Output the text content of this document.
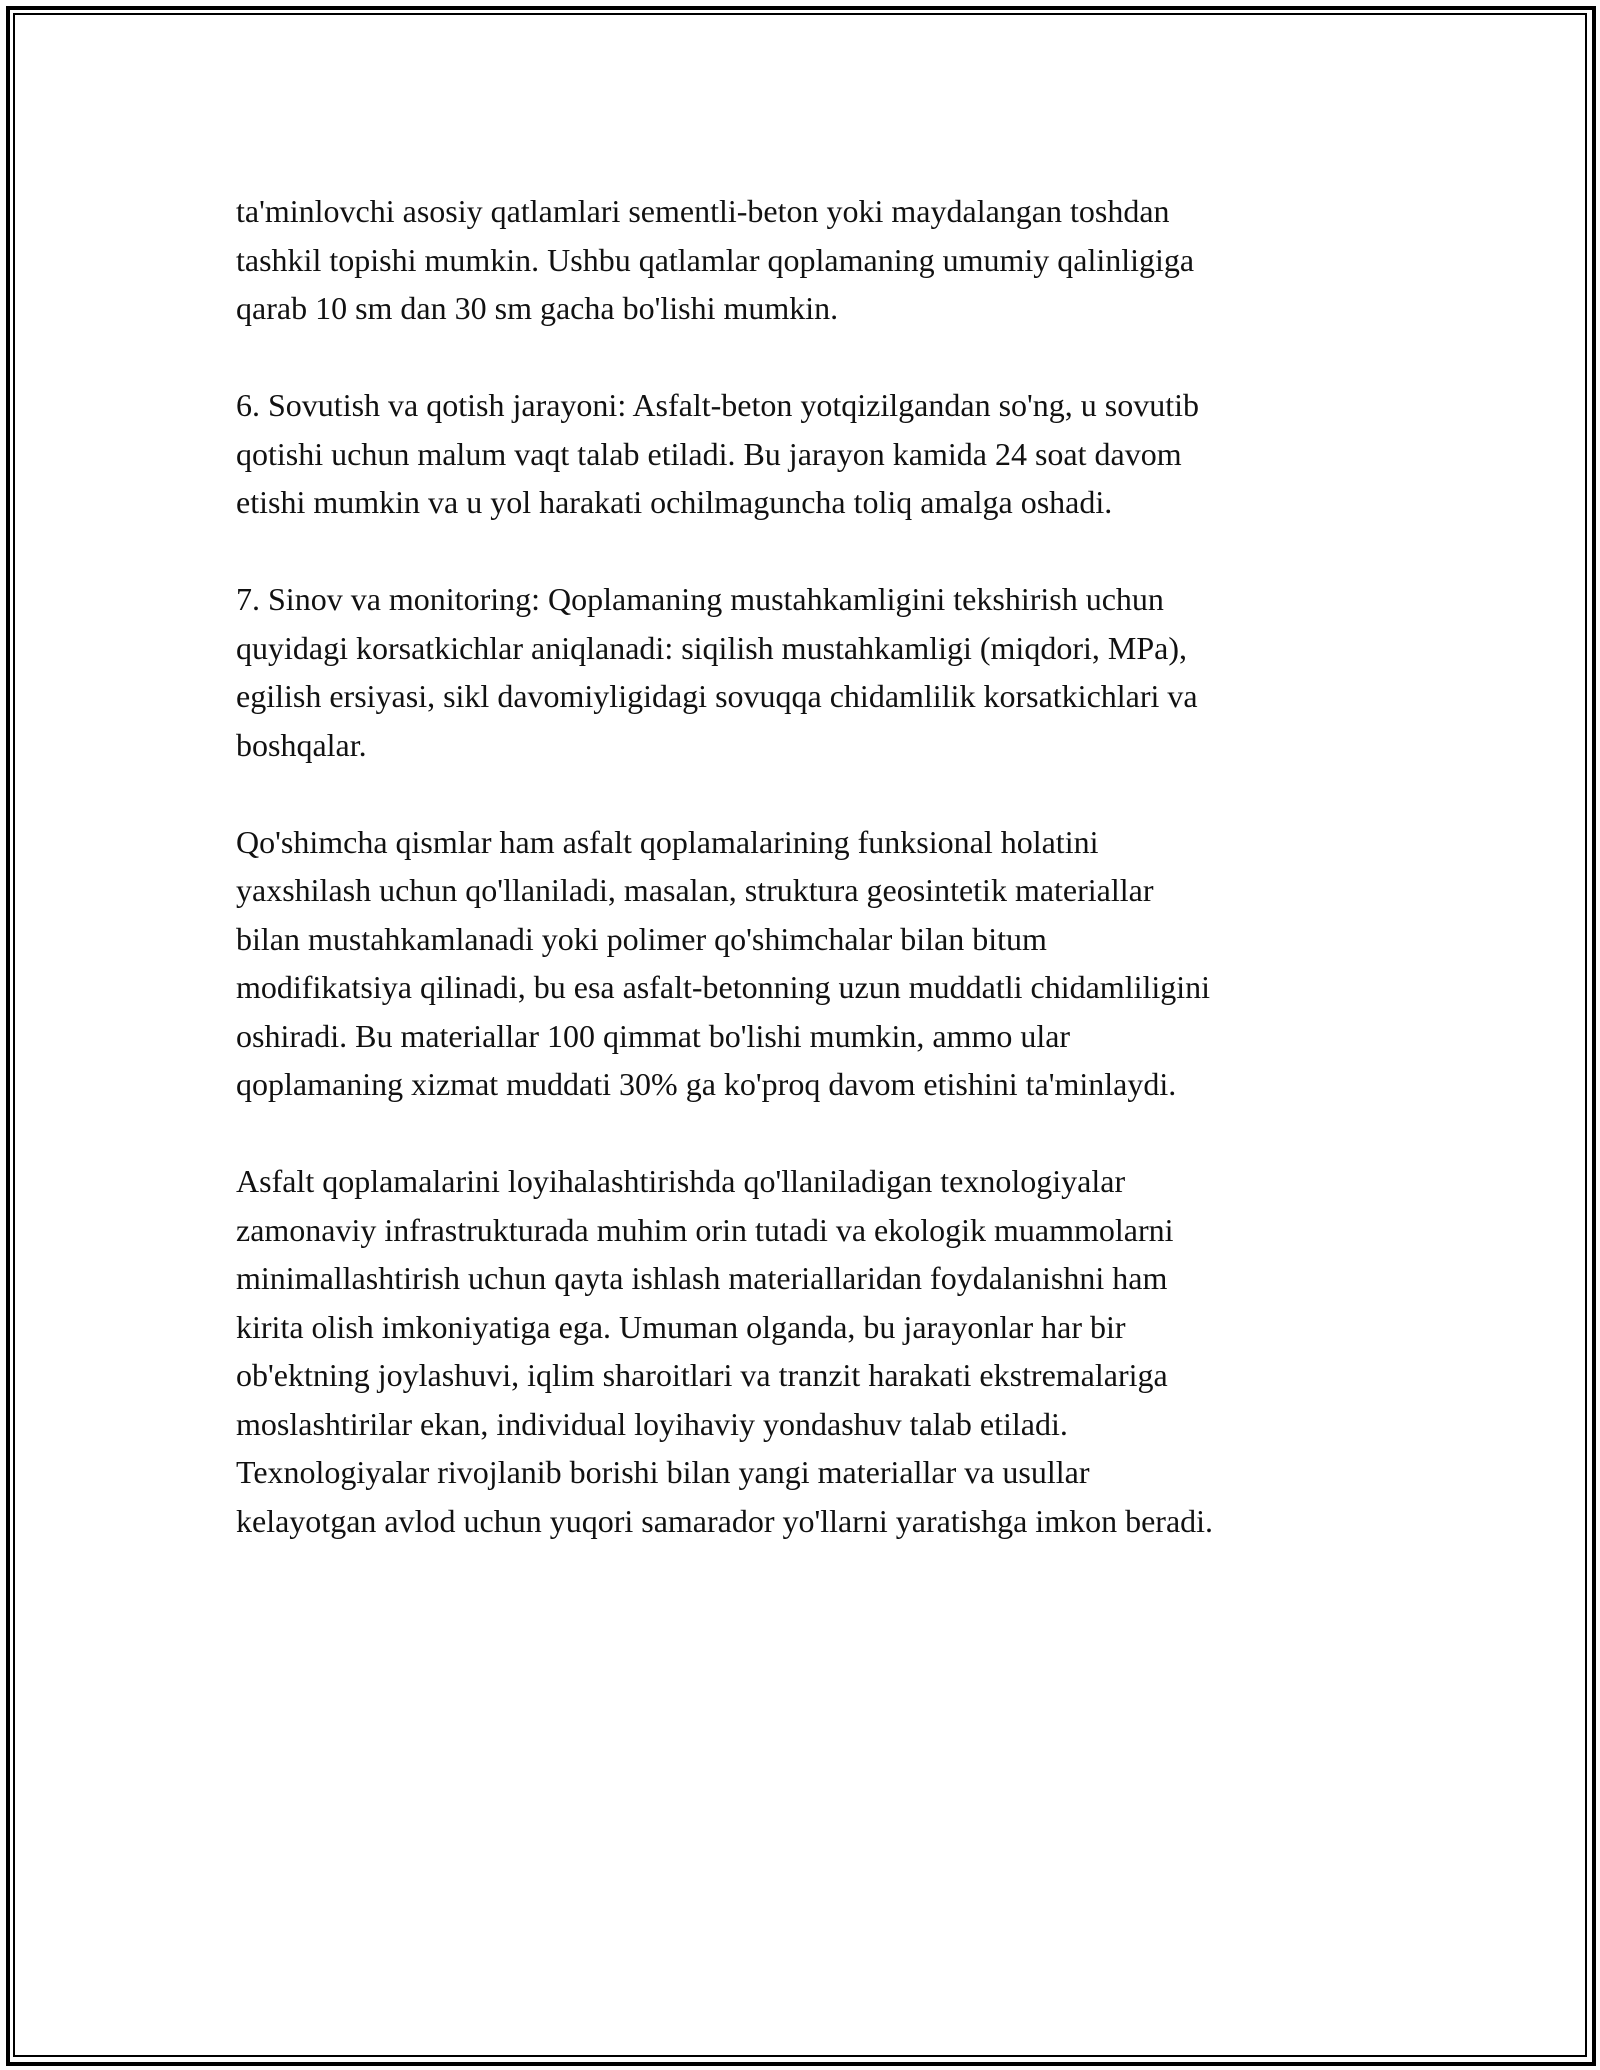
ta'minlovchi asosiy qatlamlari sementli-beton yoki maydalangan toshdan
tashkil topishi mumkin. Ushbu qatlamlar qoplamaning umumiy qalinligiga
qarab 10 sm dan 30 sm gacha bo'lishi mumkin.

6. Sovutish va qotish jarayoni: Asfalt-beton yotqizilgandan so'ng, u sovutib
qotishi uchun malum vaqt talab etiladi. Bu jarayon kamida 24 soat davom
etishi mumkin va u yol harakati ochilmaguncha toliq amalga oshadi.

7. Sinov va monitoring: Qoplamaning mustahkamligini tekshirish uchun
quyidagi korsatkichlar aniqlanadi: siqilish mustahkamligi (miqdori, MPa),
egilish ersiyasi, sikl davomiyligidagi sovuqqa chidamlilik korsatkichlari va
boshqalar.

Qo'shimcha qismlar ham asfalt qoplamalarining funksional holatini
yaxshilash uchun qo'llaniladi, masalan, struktura geosintetik materiallar
bilan mustahkamlanadi yoki polimer qo'shimchalar bilan bitum
modifikatsiya qilinadi, bu esa asfalt-betonning uzun muddatli chidamliligini
oshiradi. Bu materiallar 100 qimmat bo'lishi mumkin, ammo ular
qoplamaning xizmat muddati 30% ga ko'proq davom etishini ta'minlaydi.

Asfalt qoplamalarini loyihalashtirishda qo'llaniladigan texnologiyalar
zamonaviy infrastrukturada muhim orin tutadi va ekologik muammolarni
minimallashtirish uchun qayta ishlash materiallaridan foydalanishni ham
kirita olish imkoniyatiga ega. Umuman olganda, bu jarayonlar har bir
ob'ektning joylashuvi, iqlim sharoitlari va tranzit harakati ekstremalariga
moslashtirilar ekan, individual loyihaviy yondashuv talab etiladi.
Texnologiyalar rivojlanib borishi bilan yangi materiallar va usullar
kelayotgan avlod uchun yuqori samarador yo'llarni yaratishga imkon beradi.
